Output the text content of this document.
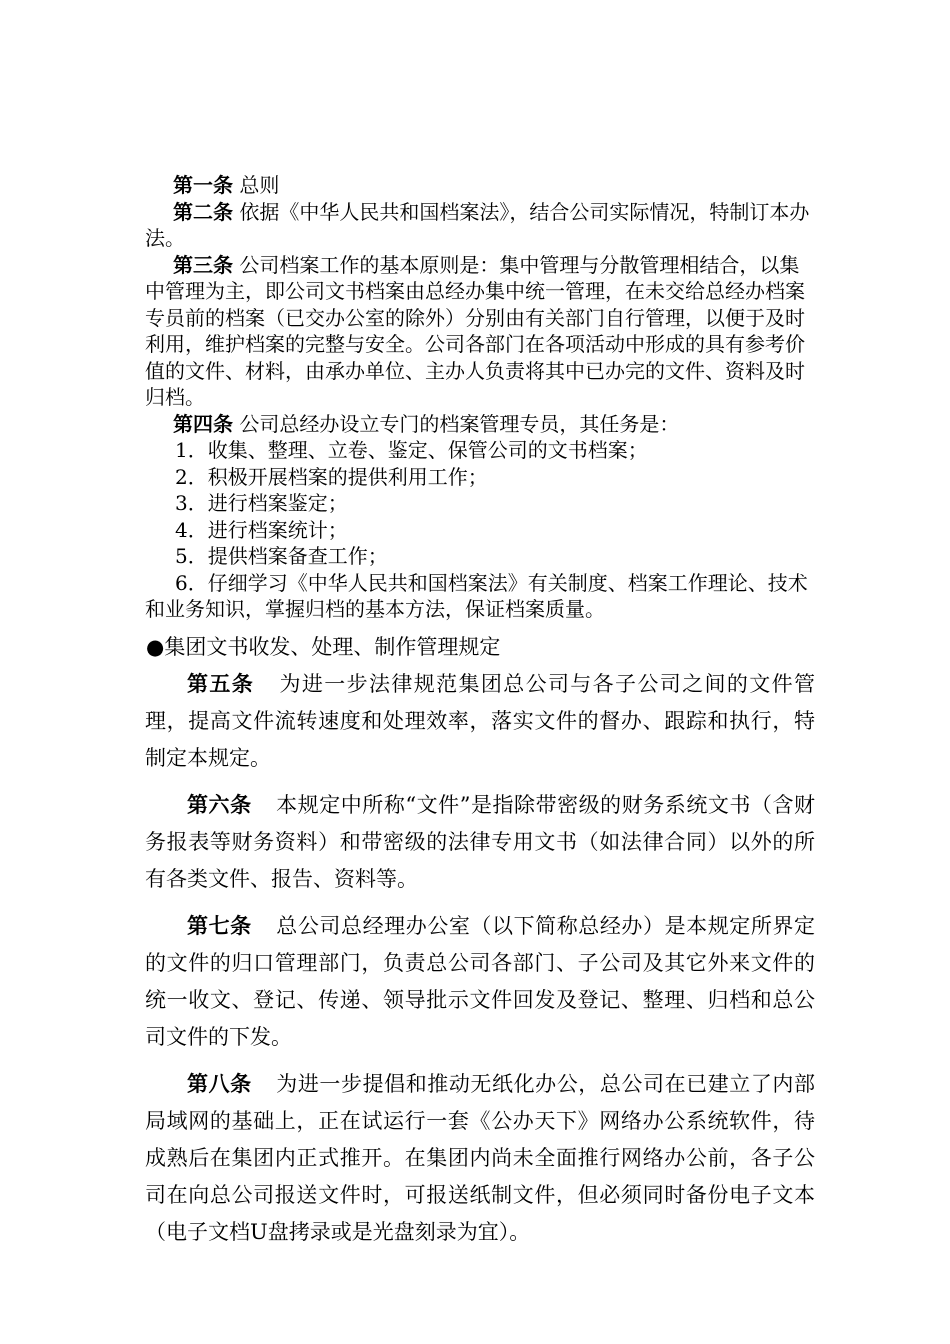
第一条 总则

第二条 依据《中华人民共和国档案法》，结合公司实际情况，特制订本办法。

第三条 公司档案工作的基本原则是：集中管理与分散管理相结合，以集中管理为主，即公司文书档案由总经办集中统一管理，在未交给总经办档案专员前的档案（已交办公室的除外）分别由有关部门自行管理，以便于及时利用，维护档案的完整与安全。公司各部门在各项活动中形成的具有参考价值的文件、材料，由承办单位、主办人负责将其中已办完的文件、资料及时归档。

第四条 公司总经办设立专门的档案管理专员，其任务是：

1．收集、整理、立卷、鉴定、保管公司的文书档案；

2．积极开展档案的提供利用工作；

3．进行档案鉴定；

4．进行档案统计；

5．提供档案备查工作；

6．仔细学习《中华人民共和国档案法》有关制度、档案工作理论、技术和业务知识，掌握归档的基本方法，保证档案质量。

●集团文书收发、处理、制作管理规定

第五条 为进一步法律规范集团总公司与各子公司之间的文件管理，提高文件流转速度和处理效率，落实文件的督办、跟踪和执行，特制定本规定。

第六条 本规定中所称“文件”是指除带密级的财务系统文书（含财务报表等财务资料）和带密级的法律专用文书（如法律合同）以外的所有各类文件、报告、资料等。

第七条 总公司总经理办公室（以下简称总经办）是本规定所界定的文件的归口管理部门，负责总公司各部门、子公司及其它外来文件的统一收文、登记、传递、领导批示文件回发及登记、整理、归档和总公司文件的下发。

第八条 为进一步提倡和推动无纸化办公，总公司在已建立了内部局域网的基础上，正在试运行一套《公办天下》网络办公系统软件，待成熟后在集团内正式推开。在集团内尚未全面推行网络办公前，各子公司在向总公司报送文件时，可报送纸制文件，但必须同时备份电子文本（电子文档U盘拷录或是光盘刻录为宜）。
